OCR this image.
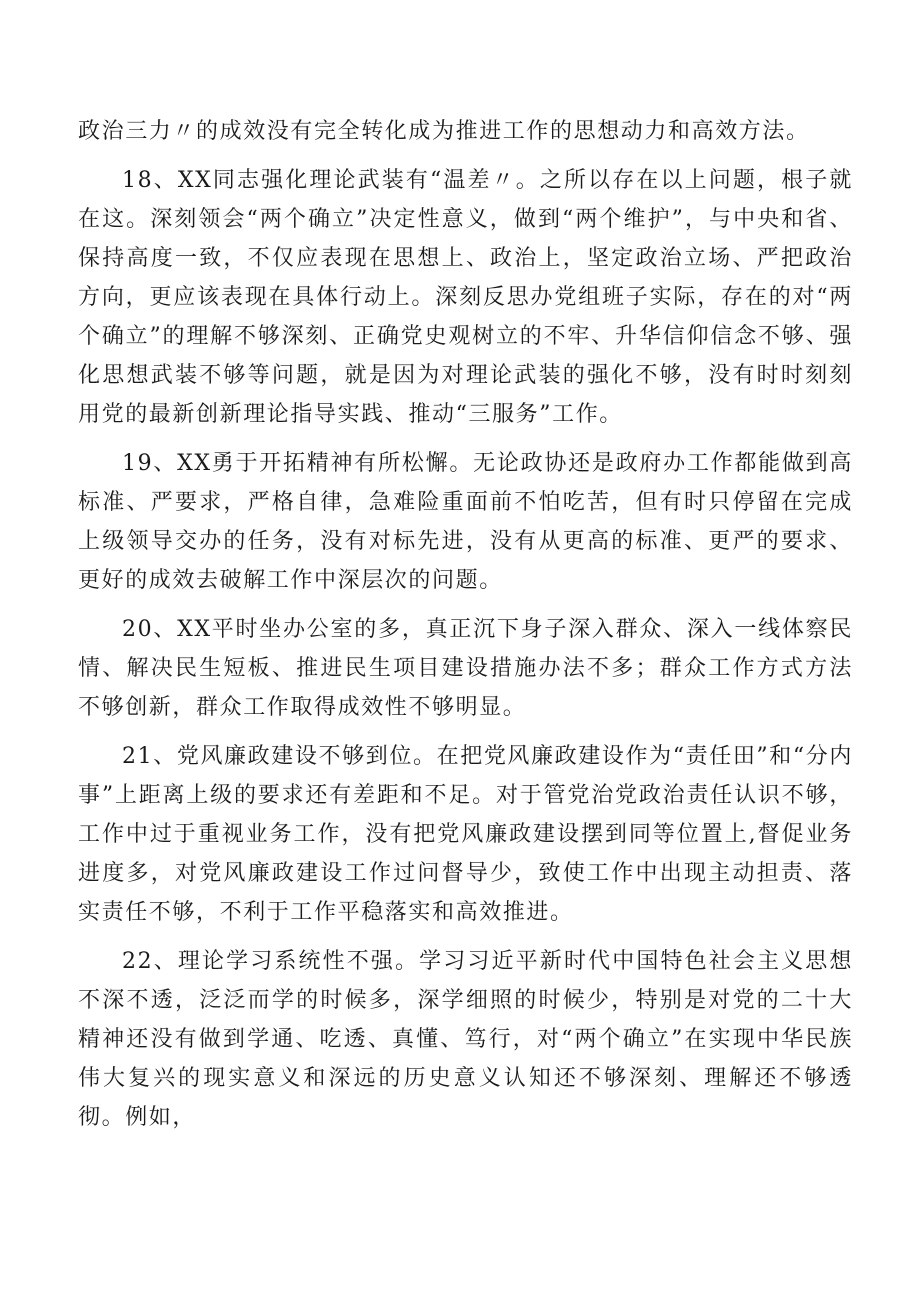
政治三力〃的成效没有完全转化成为推进工作的思想动力和高效方法。

18、XX同志强化理论武装有“温差〃。之所以存在以上问题，根子就在这。深刻领会“两个确立”决定性意义，做到“两个维护”，与中央和省、保持高度一致，不仅应表现在思想上、政治上，坚定政治立场、严把政治方向，更应该表现在具体行动上。深刻反思办党组班子实际，存在的对“两个确立”的理解不够深刻、正确党史观树立的不牢、升华信仰信念不够、强化思想武装不够等问题，就是因为对理论武装的强化不够，没有时时刻刻用党的最新创新理论指导实践、推动“三服务”工作。

19、XX勇于开拓精神有所松懈。无论政协还是政府办工作都能做到高标准、严要求，严格自律，急难险重面前不怕吃苦，但有时只停留在完成上级领导交办的任务，没有对标先进，没有从更高的标准、更严的要求、更好的成效去破解工作中深层次的问题。

20、XX平时坐办公室的多，真正沉下身子深入群众、深入一线体察民情、解决民生短板、推进民生项目建设措施办法不多；群众工作方式方法不够创新，群众工作取得成效性不够明显。

21、党风廉政建设不够到位。在把党风廉政建设作为“责任田”和“分内事”上距离上级的要求还有差距和不足。对于管党治党政治责任认识不够，工作中过于重视业务工作，没有把党风廉政建设摆到同等位置上,督促业务进度多，对党风廉政建设工作过问督导少，致使工作中出现主动担责、落实责任不够，不利于工作平稳落实和高效推进。

22、理论学习系统性不强。学习习近平新时代中国特色社会主义思想不深不透，泛泛而学的时候多，深学细照的时候少，特别是对党的二十大精神还没有做到学通、吃透、真懂、笃行，对“两个确立”在实现中华民族伟大复兴的现实意义和深远的历史意义认知还不够深刻、理解还不够透彻。例如，
